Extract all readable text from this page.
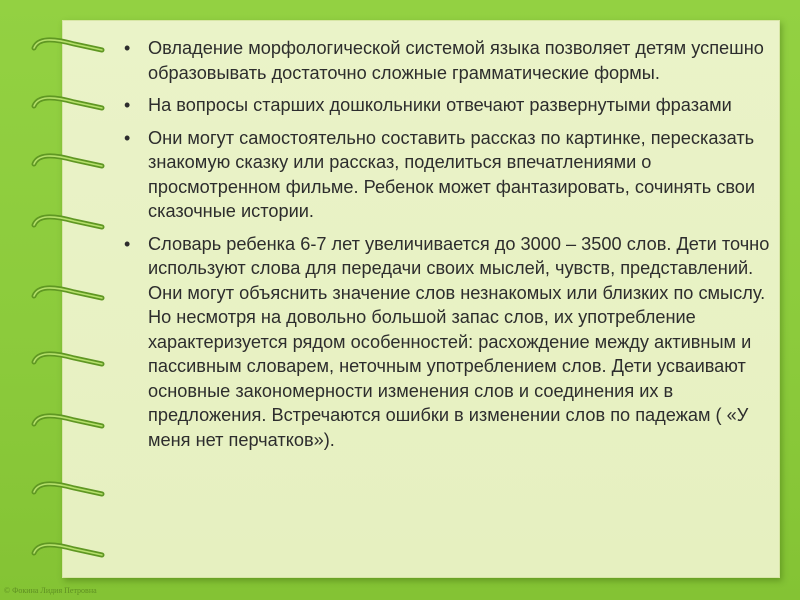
• Овладение морфологической системой языка позволяет детям успешно образовывать достаточно сложные грамматические формы.
• На вопросы старших дошкольники отвечают развернутыми фразами
• Они могут самостоятельно составить рассказ по картинке, пересказать знакомую сказку или рассказ, поделиться впечатлениями о просмотренном фильме. Ребенок может фантазировать, сочинять свои сказочные истории.
• Словарь ребенка 6-7 лет увеличивается до 3000 – 3500 слов. Дети точно используют слова для передачи своих мыслей, чувств, представлений. Они могут объяснить значение слов незнакомых или близких по смыслу. Но несмотря на довольно большой запас слов, их употребление характеризуется рядом особенностей: расхождение между активным и пассивным словарем, неточным употреблением слов. Дети усваивают основные закономерности изменения слов и соединения их в предложения. Встречаются ошибки в изменении слов по падежам ( «У меня нет перчатков»).
© Фокина Лидия Петровна
